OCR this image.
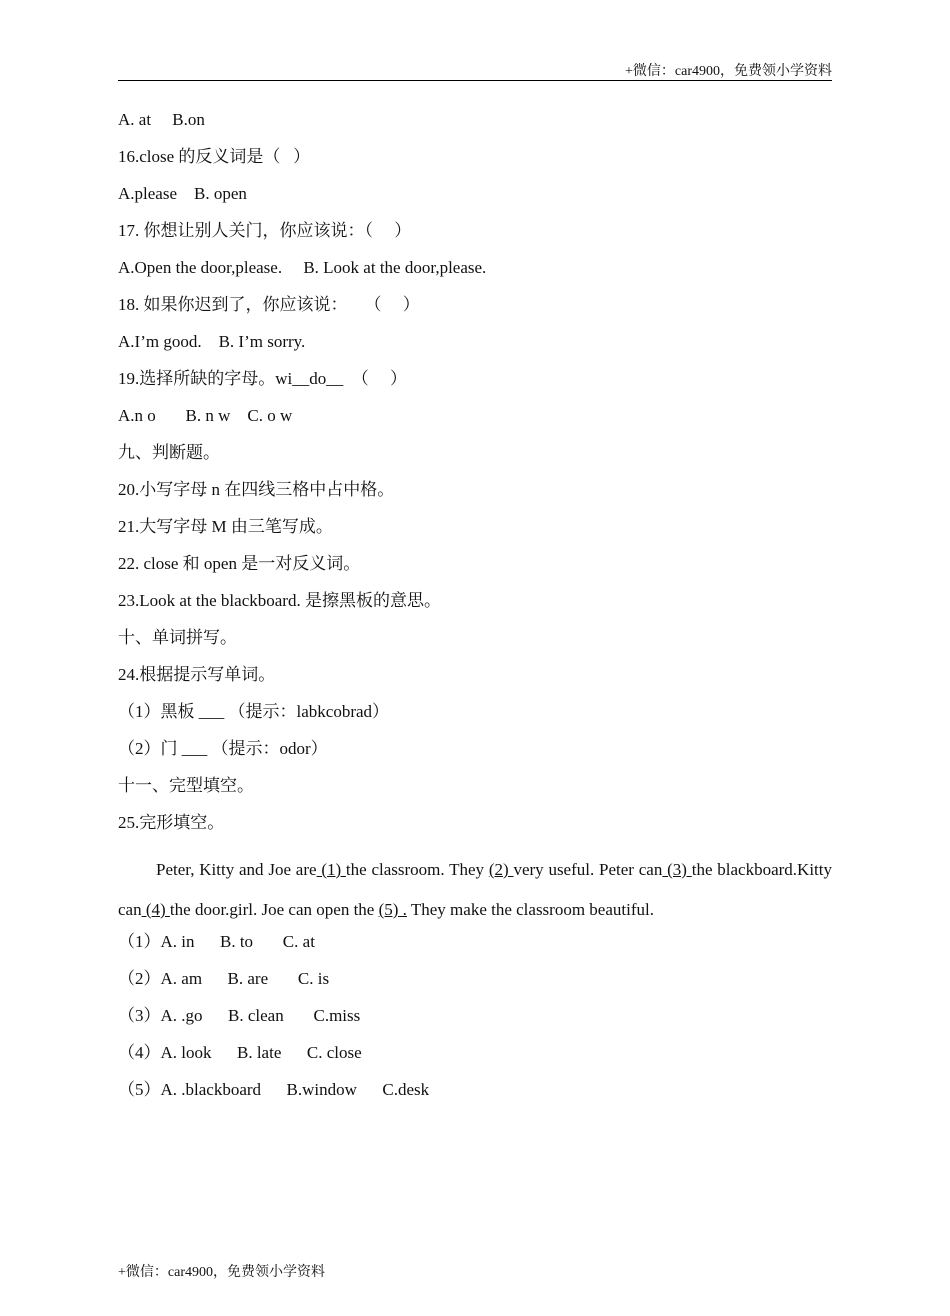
+微信：car4900，免费领小学资料
A. at     B.on
16.close 的反义词是（   ）
A.please    B. open
17. 你想让别人关门，你应该说：（     ）
A.Open the door,please.     B. Look at the door,please.
18. 如果你迟到了，你应该说：    （     ）
A.I’m good.    B. I’m sorry.
19.选择所缺的字母。wi__do__  （     ）
A.n o       B. n w    C. o w
九、判断题。
20.小写字母 n 在四线三格中占中格。
21.大写字母 M 由三笔写成。
22. close 和 open 是一对反义词。
23.Look at the blackboard. 是擦黑板的意思。
十、单词拼写。
24.根据提示写单词。
（1）黑板 ___ （提示：labkcobrad）
（2）门 ___ （提示：odor）
十一、完型填空。
25.完形填空。

Peter, Kitty and Joe are (1) the classroom. They (2) very useful. Peter can (3) the blackboard.Kitty can (4) the door.girl. Joe can open the (5) . They make the classroom beautiful.

（1）A. in      B. to       C. at
（2）A. am      B. are       C. is
（3）A. .go      B. clean       C.miss
（4）A. look      B. late      C. close
（5）A. .blackboard      B.window      C.desk
+微信：car4900，免费领小学资料
